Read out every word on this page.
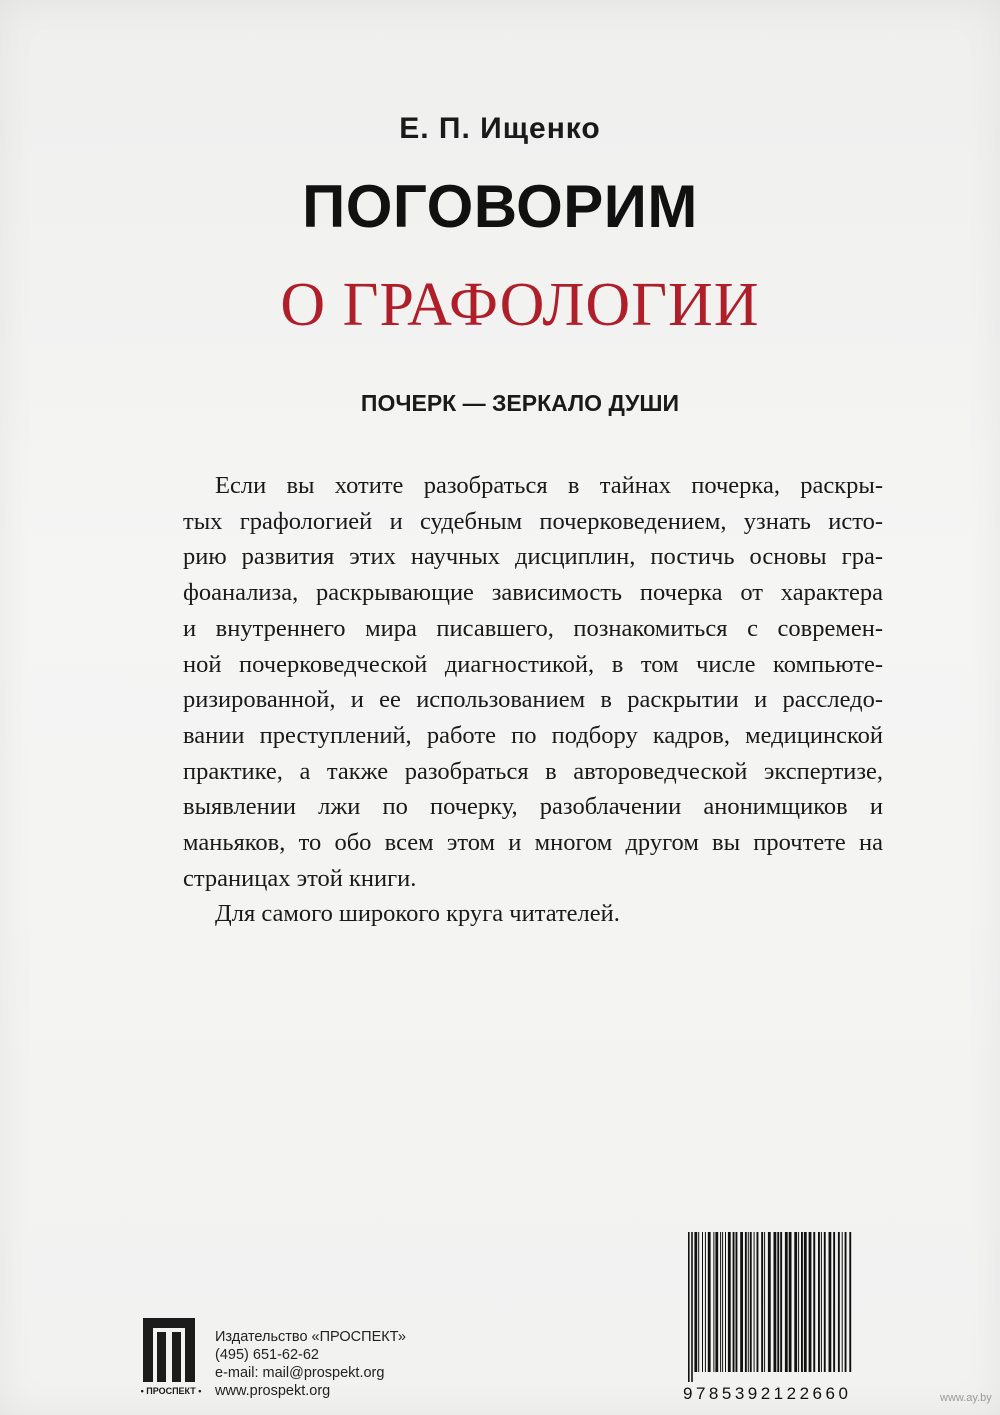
Е. П. Ищенко
ПОГОВОРИМ
О ГРАФОЛОГИИ
ПОЧЕРК — ЗЕРКАЛО ДУШИ

Если вы хотите разобраться в тайнах почерка, раскры-
тых графологией и судебным почерковедением, узнать исто-
рию развития этих научных дисциплин, постичь основы гра-
фоанализа, раскрывающие зависимость почерка от характера
и внутреннего мира писавшего, познакомиться с современ-
ной почерковедческой диагностикой, в том числе компьюте-
ризированной, и ее использованием в раскрытии и расследо-
вании преступлений, работе по подбору кадров, медицинской
практике, а также разобраться в автороведческой экспертизе,
выявлении лжи по почерку, разоблачении анонимщиков и
маньяков, то обо всем этом и многом другом вы прочтете на
страницах этой книги.

Для самого широкого круга читателей.

• ПРОСПЕКТ •
Издательство «ПРОСПЕКТ»
(495) 651-62-62
e-mail: mail@prospekt.org
www.prospekt.org	9785392122660	www.ay.by
